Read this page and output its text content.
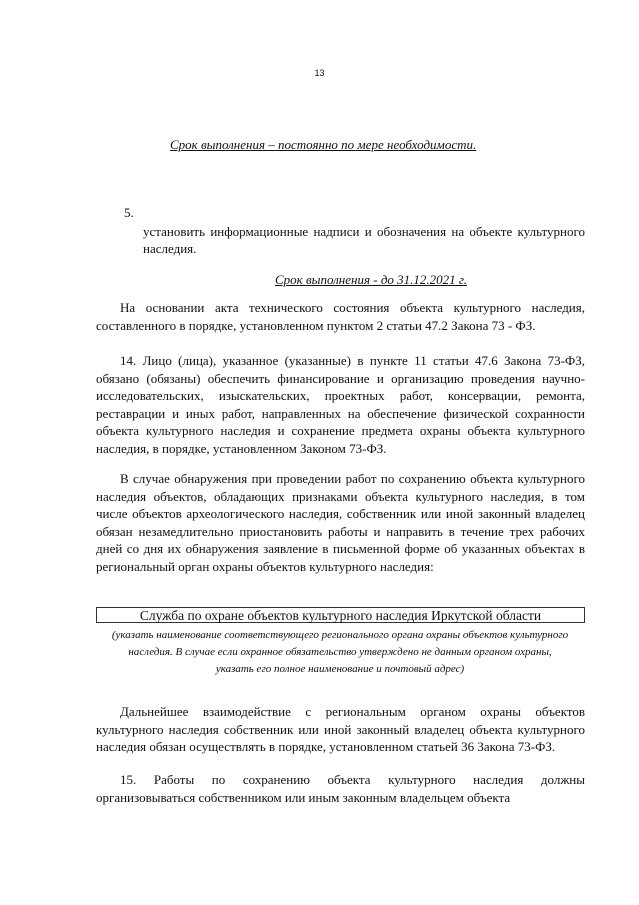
13
Срок выполнения – постоянно по мере необходимости.
5.
установить информационные надписи и обозначения на объекте культурного наследия.
Срок выполнения - до 31.12.2021 г.

На основании акта технического состояния объекта культурного наследия, составленного в порядке, установленном пунктом 2 статьи 47.2 Закона 73 - ФЗ.

14. Лицо (лица), указанное (указанные) в пункте 11 статьи 47.6 Закона 73-ФЗ, обязано (обязаны) обеспечить финансирование и организацию проведения научно-исследовательских, изыскательских, проектных работ, консервации, ремонта, реставрации и иных работ, направленных на обеспечение физической сохранности объекта культурного наследия и сохранение предмета охраны объекта культурного наследия, в порядке, установленном Законом 73-ФЗ.

В случае обнаружения при проведении работ по сохранению объекта культурного наследия объектов, обладающих признаками объекта культурного наследия, в том числе объектов археологического наследия, собственник или иной законный владелец обязан незамедлительно приостановить работы и направить в течение трех рабочих дней со дня их обнаружения заявление в письменной форме об указанных объектах в региональный орган охраны объектов культурного наследия:

Служба по охране объектов культурного наследия Иркутской области
(указать наименование соответствующего регионального органа охраны объектов культурного наследия. В случае если охранное обязательство утверждено не данным органом охраны, указать его полное наименование и почтовый адрес)

Дальнейшее взаимодействие с региональным органом охраны объектов культурного наследия собственник или иной законный владелец объекта культурного наследия обязан осуществлять в порядке, установленном статьей 36 Закона 73-ФЗ.

15. Работы по сохранению объекта культурного наследия должны организовываться собственником или иным законным владельцем объекта
